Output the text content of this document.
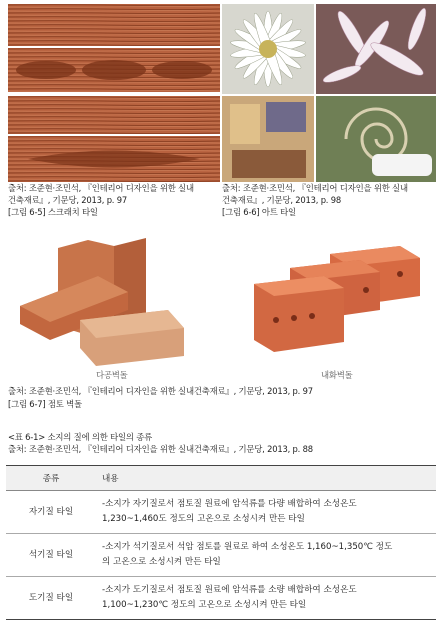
출처: 조준현·조민석, 『인테리어 디자인을 위한 실내
건축재료』, 기문당, 2013, p. 97
[그림 6-5] 스크래치 타일
출처: 조준현·조민석, 『인테리어 디자인을 위한 실내
건축재료』, 기문당, 2013, p. 98
[그림 6-6] 아트 타일
다공벽돌	내화벽돌
출처: 조준현·조민석, 『인테리어 디자인을 위한 실내건축재료』, 기문당, 2013, p. 97
[그림 6-7] 점토 벽돌
<표 6-1> 소지의 질에 의한 타일의 종류
출처: 조준현·조민석, 『인테리어 디자인을 위한 실내건축재료』, 기문당, 2013, p. 88
종류	내용
자기질 타일	-소지가 자기질로서 점토질 원료에 암석류를 다량 배합하여 소성온도
1,230~1,460도 정도의 고온으로 소성시켜 만든 타일

석기질 타일	-소지가 석기질로서 석암 점토를 원료로 하여 소성온도 1,160~1,350℃ 정도
의 고온으로 소성시켜 만든 타일

도기질 타일	-소지가 도기질로서 점토질 원료에 암석류를 소량 배합하여 소성온도
1,100~1,230℃ 정도의 고온으로 소성시켜 만든 타일
